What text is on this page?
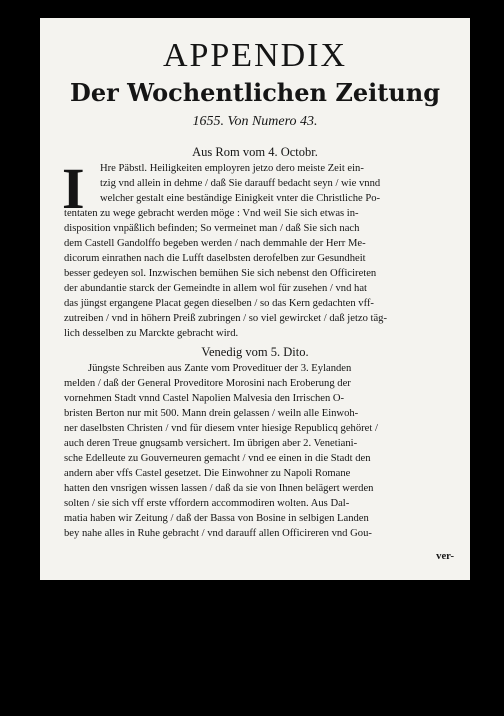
APPENDIX
Der Wochentlichen Zeitung
1655. Von Numero 43.
Aus Rom vom 4. Octobr.
I Hre Päbstl. Heiligkeiten employren jetzo dero meiste Zeit ein-
tzig vnd allein in dehme / daß Sie darauff bedacht seyn / wie vnnd
welcher gestalt eine beständige Einigkeit vnter die Christliche Po-
tentaten zu wege gebracht werden möge : Vnd weil Sie sich etwas in-
disposition vnpäßlich befinden; So vermeinet man / daß Sie sich nach
dem Castell Gandolffo begeben werden / nach demmahle der Herr Me-
dicorum einrathen nach die Lufft daselbsten derofelben zur Gesundheit
besser gedeyen sol. Inzwischen bemühen Sie sich nebenst den Officireten
der abundantie starck der Gemeindte in allem wol für zusehen / vnd hat
das jüngst ergangene Placat gegen dieselben / so das Kern gedachten vff-
zutreiben / vnd in höhern Preiß zubringen / so viel gewircket / daß jetzo täg-
lich desselben zu Marckte gebracht wird.
Venedig vom 5. Dito.
Jüngste Schreiben aus Zante vom Provedituer der 3. Eylanden
melden / daß der General Proveditore Morosini nach Eroberung der
vornehmen Stadt vnnd Castel Napolien Malvesia den Irrischen O-
bristen Berton nur mit 500. Mann drein gelassen / weiln alle Einwoh-
ner daselbsten Christen / vnd für diesem vnter hiesige Republicq gehöret /
auch deren Treue gnugsamb versichert. Im übrigen aber 2. Venetiani-
sche Edelleute zu Gouverneuren gemacht / vnd ee einen in die Stadt den
andern aber vffs Castel gesetzet. Die Einwohner zu Napoli Romane
hatten den vnsrigen wissen lassen / daß da sie von Ihnen belägert werden
solten / sie sich vff erste vffordern accommodiren wolten. Aus Dal-
matia haben wir Zeitung / daß der Bassa von Bosine in selbigen Landen
bey nahe alles in Ruhe gebracht / vnd darauff allen Officireren vnd Gou-
ver-
